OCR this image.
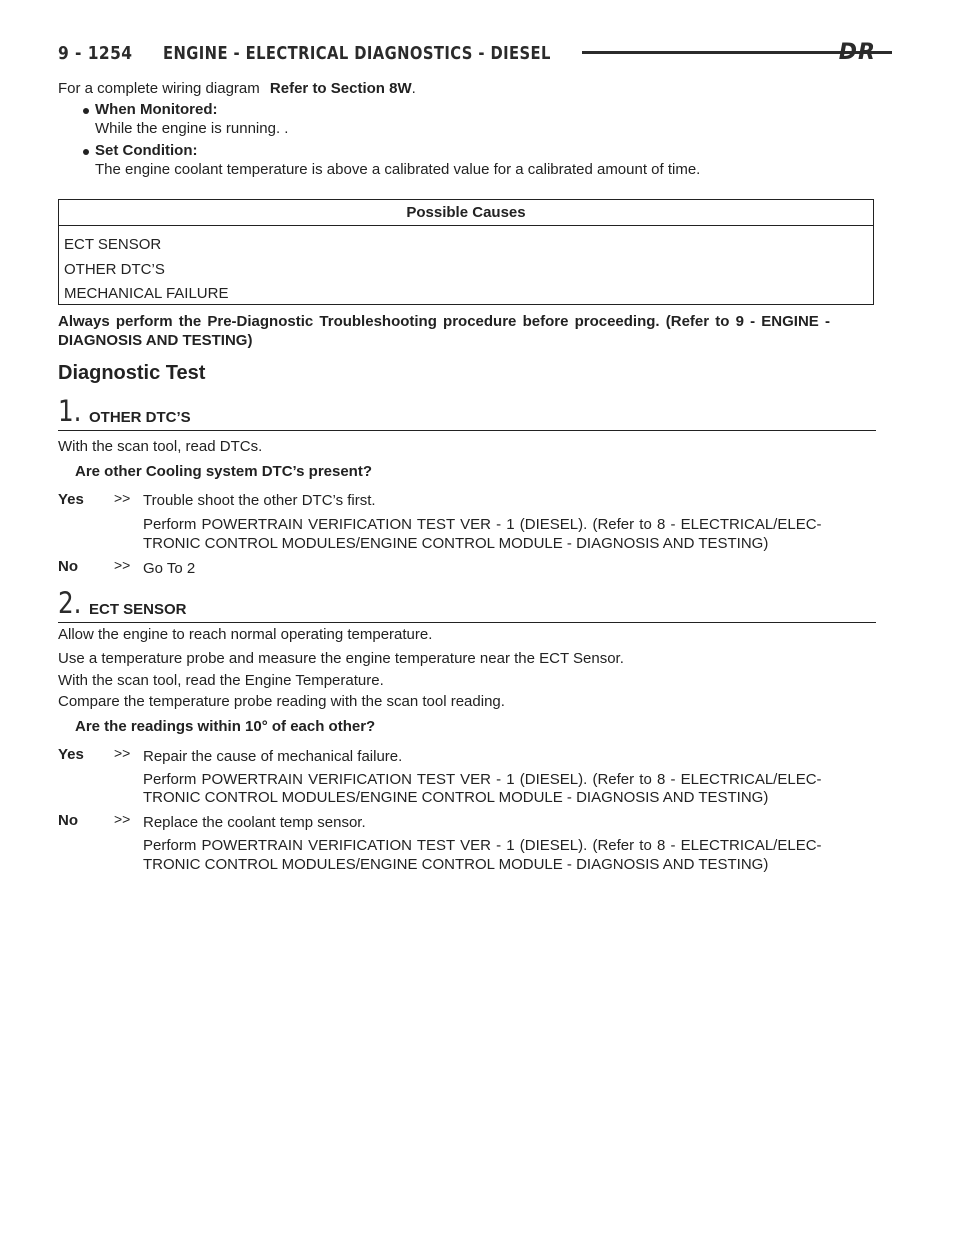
9 - 1254 ENGINE - ELECTRICAL DIAGNOSTICS - DIESEL	DR
For a complete wiring diagram Refer to Section 8W.
When Monitored:
While the engine is running. .
Set Condition:
The engine coolant temperature is above a calibrated value for a calibrated amount of time.
Possible Causes
ECT SENSOR
OTHER DTC’S
MECHANICAL FAILURE
Always perform the Pre-Diagnostic Troubleshooting procedure before proceeding. (Refer to 9 - ENGINE -
DIAGNOSIS AND TESTING)
Diagnostic Test
1. OTHER DTC’S
With the scan tool, read DTCs.
Are other Cooling system DTC’s present?
Yes >> Trouble shoot the other DTC’s first.
Perform POWERTRAIN VERIFICATION TEST VER - 1 (DIESEL). (Refer to 8 - ELECTRICAL/ELEC-
TRONIC CONTROL MODULES/ENGINE CONTROL MODULE - DIAGNOSIS AND TESTING)
No	>> Go To 2
2. ECT SENSOR
Allow the engine to reach normal operating temperature.
Use a temperature probe and measure the engine temperature near the ECT Sensor.
With the scan tool, read the Engine Temperature.
Compare the temperature probe reading with the scan tool reading.
Are the readings within 10° of each other?
Yes >> Repair the cause of mechanical failure.
Perform POWERTRAIN VERIFICATION TEST VER - 1 (DIESEL). (Refer to 8 - ELECTRICAL/ELEC-
TRONIC CONTROL MODULES/ENGINE CONTROL MODULE - DIAGNOSIS AND TESTING)
No	>> Replace the coolant temp sensor.
Perform POWERTRAIN VERIFICATION TEST VER - 1 (DIESEL). (Refer to 8 - ELECTRICAL/ELEC-
TRONIC CONTROL MODULES/ENGINE CONTROL MODULE - DIAGNOSIS AND TESTING)
